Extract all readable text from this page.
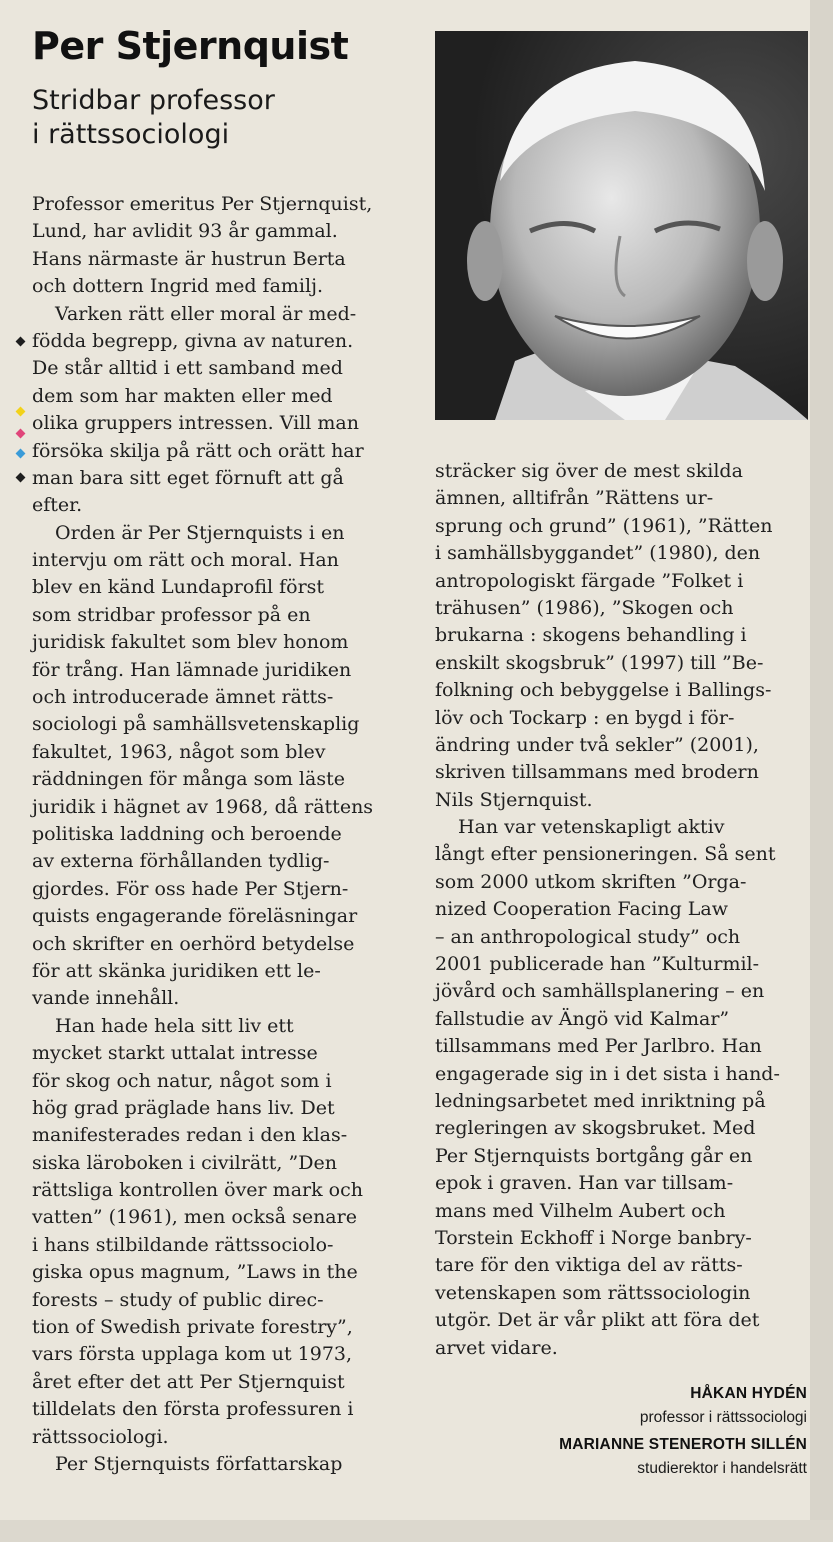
Per Stjernquist
Stridbar professor
i rättssociologi
Professor emeritus Per Stjernquist,
Lund, har avlidit 93 år gammal.
Hans närmaste är hustrun Berta
och dottern Ingrid med familj.
Varken rätt eller moral är med-
födda begrepp, givna av naturen.
De står alltid i ett samband med
dem som har makten eller med
olika gruppers intressen. Vill man
försöka skilja på rätt och orätt har
man bara sitt eget förnuft att gå
efter.
Orden är Per Stjernquists i en
intervju om rätt och moral. Han
blev en känd Lundaprofil först
som stridbar professor på en
juridisk fakultet som blev honom
för trång. Han lämnade juridiken
och introducerade ämnet rätts-
sociologi på samhällsvetenskaplig
fakultet, 1963, något som blev
räddningen för många som läste
juridik i hägnet av 1968, då rättens
politiska laddning och beroende
av externa förhållanden tydlig-
gjordes. För oss hade Per Stjern-
quists engagerande föreläsningar
och skrifter en oerhörd betydelse
för att skänka juridiken ett le-
vande innehåll.
Han hade hela sitt liv ett
mycket starkt uttalat intresse
för skog och natur, något som i
hög grad präglade hans liv. Det
manifesterades redan i den klas-
siska läroboken i civilrätt, ”Den
rättsliga kontrollen över mark och
vatten” (1961), men också senare
i hans stilbildande rättssociolo-
giska opus magnum, ”Laws in the
forests – study of public direc-
tion of Swedish private forestry”,
vars första upplaga kom ut 1973,
året efter det att Per Stjernquist
tilldelats den första professuren i
rättssociologi.
Per Stjernquists författarskap
sträcker sig över de mest skilda
ämnen, alltifrån ”Rättens ur-
sprung och grund” (1961), ”Rätten
i samhällsbyggandet” (1980), den
antropologiskt färgade ”Folket i
trähusen” (1986), ”Skogen och
brukarna : skogens behandling i
enskilt skogsbruk” (1997) till ”Be-
folkning och bebyggelse i Ballings-
löv och Tockarp : en bygd i för-
ändring under två sekler” (2001),
skriven tillsammans med brodern
Nils Stjernquist.
Han var vetenskapligt aktiv
långt efter pensioneringen. Så sent
som 2000 utkom skriften ”Orga-
nized Cooperation Facing Law
– an anthropological study” och
2001 publicerade han ”Kulturmil-
jövård och samhällsplanering – en
fallstudie av Ängö vid Kalmar”
tillsammans med Per Jarlbro. Han
engagerade sig in i det sista i hand-
ledningsarbetet med inriktning på
regleringen av skogsbruket. Med
Per Stjernquists bortgång går en
epok i graven. Han var tillsam-
mans med Vilhelm Aubert och
Torstein Eckhoff i Norge banbry-
tare för den viktiga del av rätts-
vetenskapen som rättssociologin
utgör. Det är vår plikt att föra det
arvet vidare.
HÅKAN HYDÉN
professor i rättssociologi
MARIANNE STENEROTH SILLÉN
studierektor i handelsrätt
